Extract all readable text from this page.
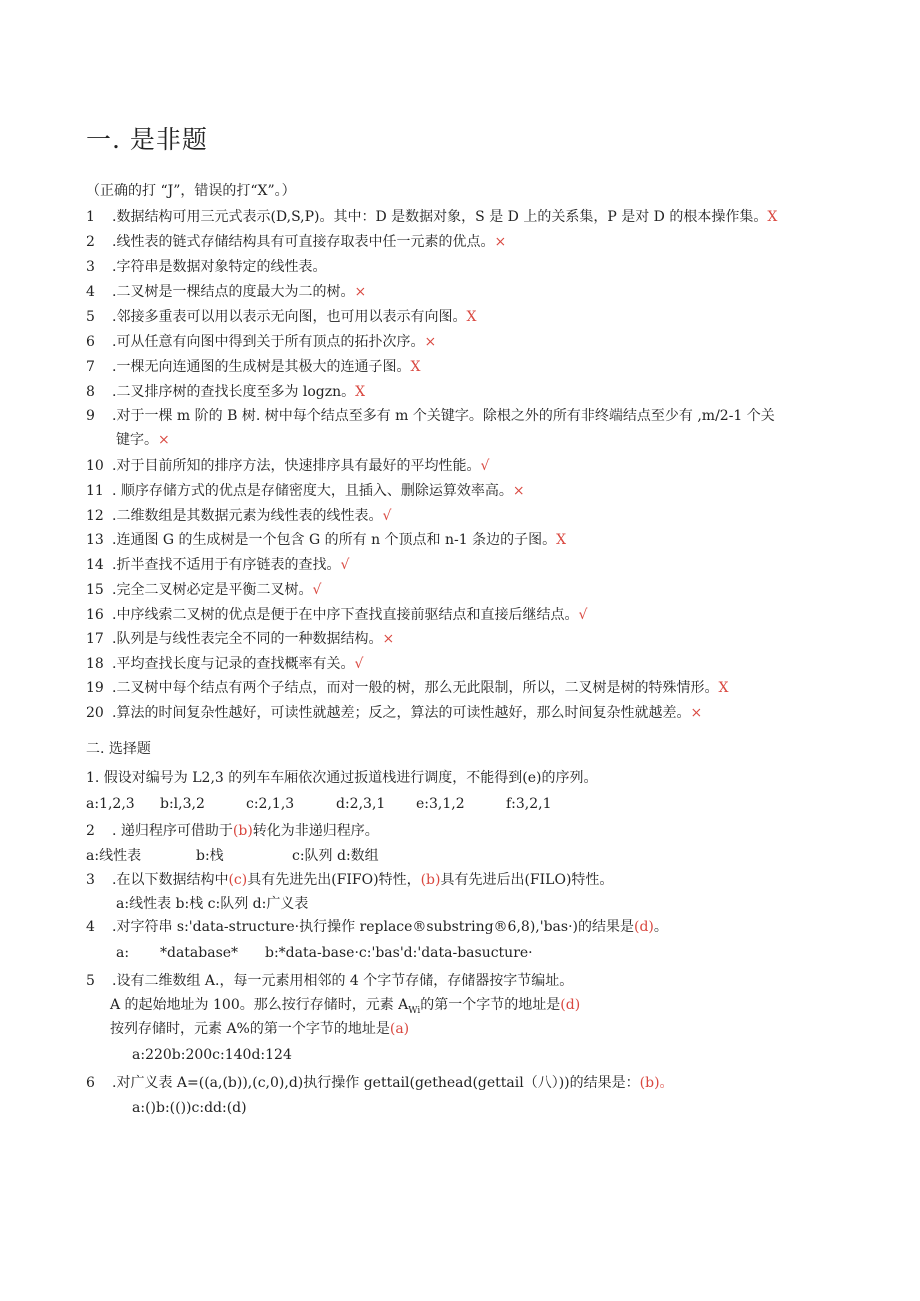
一. 是非题
（正确的打 “J”，错误的打“X”。）
1 .数据结构可用三元式表示(D,S,P)。其中：D 是数据对象，S 是 D 上的关系集，P 是对 D 的根本操作集。X
2 .线性表的链式存储结构具有可直接存取表中任一元素的优点。×
3 .字符串是数据对象特定的线性表。
4 .二叉树是一棵结点的度最大为二的树。×
5 .邻接多重表可以用以表示无向图，也可用以表示有向图。X
6 .可从任意有向图中得到关于所有顶点的拓扑次序。×
7 .一棵无向连通图的生成树是其极大的连通子图。X
8 .二叉排序树的查找长度至多为 logzn。X
9 .对于一棵 m 阶的 B 树. 树中每个结点至多有 m 个关键字。除根之外的所有非终端结点至少有 ,m/2-1 个关
键字。×
10 .对于目前所知的排序方法，快速排序具有最好的平均性能。√
11 . 顺序存储方式的优点是存储密度大，且插入、删除运算效率高。×
12 .二维数组是其数据元素为线性表的线性表。√
13 .连通图 G 的生成树是一个包含 G 的所有 n 个顶点和 n-1 条边的子图。X
14 .折半查找不适用于有序链表的查找。√
15 .完全二叉树必定是平衡二叉树。√
16 .中序线索二叉树的优点是便于在中序下查找直接前驱结点和直接后继结点。√
17 .队列是与线性表完全不同的一种数据结构。×
18 .平均查找长度与记录的查找概率有关。√
19 .二叉树中每个结点有两个子结点，而对一般的树，那么无此限制，所以，二叉树是树的特殊情形。X
20 .算法的时间复杂性越好，可读性就越差；反之，算法的可读性越好，那么时间复杂性就越差。×
二. 选择题
1. 假设对编号为 L2,3 的列车车厢依次通过扳道栈进行调度，不能得到(e)的序列。
a:1,2,3 b:l,3,2	c:2,1,3	d:2,3,1 e:3,1,2	f:3,2,1
2 . 递归程序可借助于(b)转化为非递归程序。
a:线性表	b:栈	c:队列 d:数组
3 .在以下数据结构中(c)具有先进先出(FIFO)特性，(b)具有先进后出(FILO)特性。
a:线性表 b:栈 c:队列 d:广义表
4 .对字符串 s:'data-structure·执行操作 replace®substring®6,8),'bas·)的结果是(d)。
a: *database* b:*data-base·c:'bas'd:'data-basucture·
5 .设有二维数组 A.，每一元素用相邻的 4 个字节存储，存储器按字节编址。
A 的起始地址为 100。那么按行存储时，元素 $A_{Wi}$的第一个字节的地址是(d)
按列存储时，元素 A%的第一个字节的地址是(a)
a:220b:200c:140d:124
6 .对广义表 A=((a,(b)),(c,0),d)执行操作 gettail(gethead(gettail（八）))的结果是：(b)。
a:()b:(())c:dd:(d)
